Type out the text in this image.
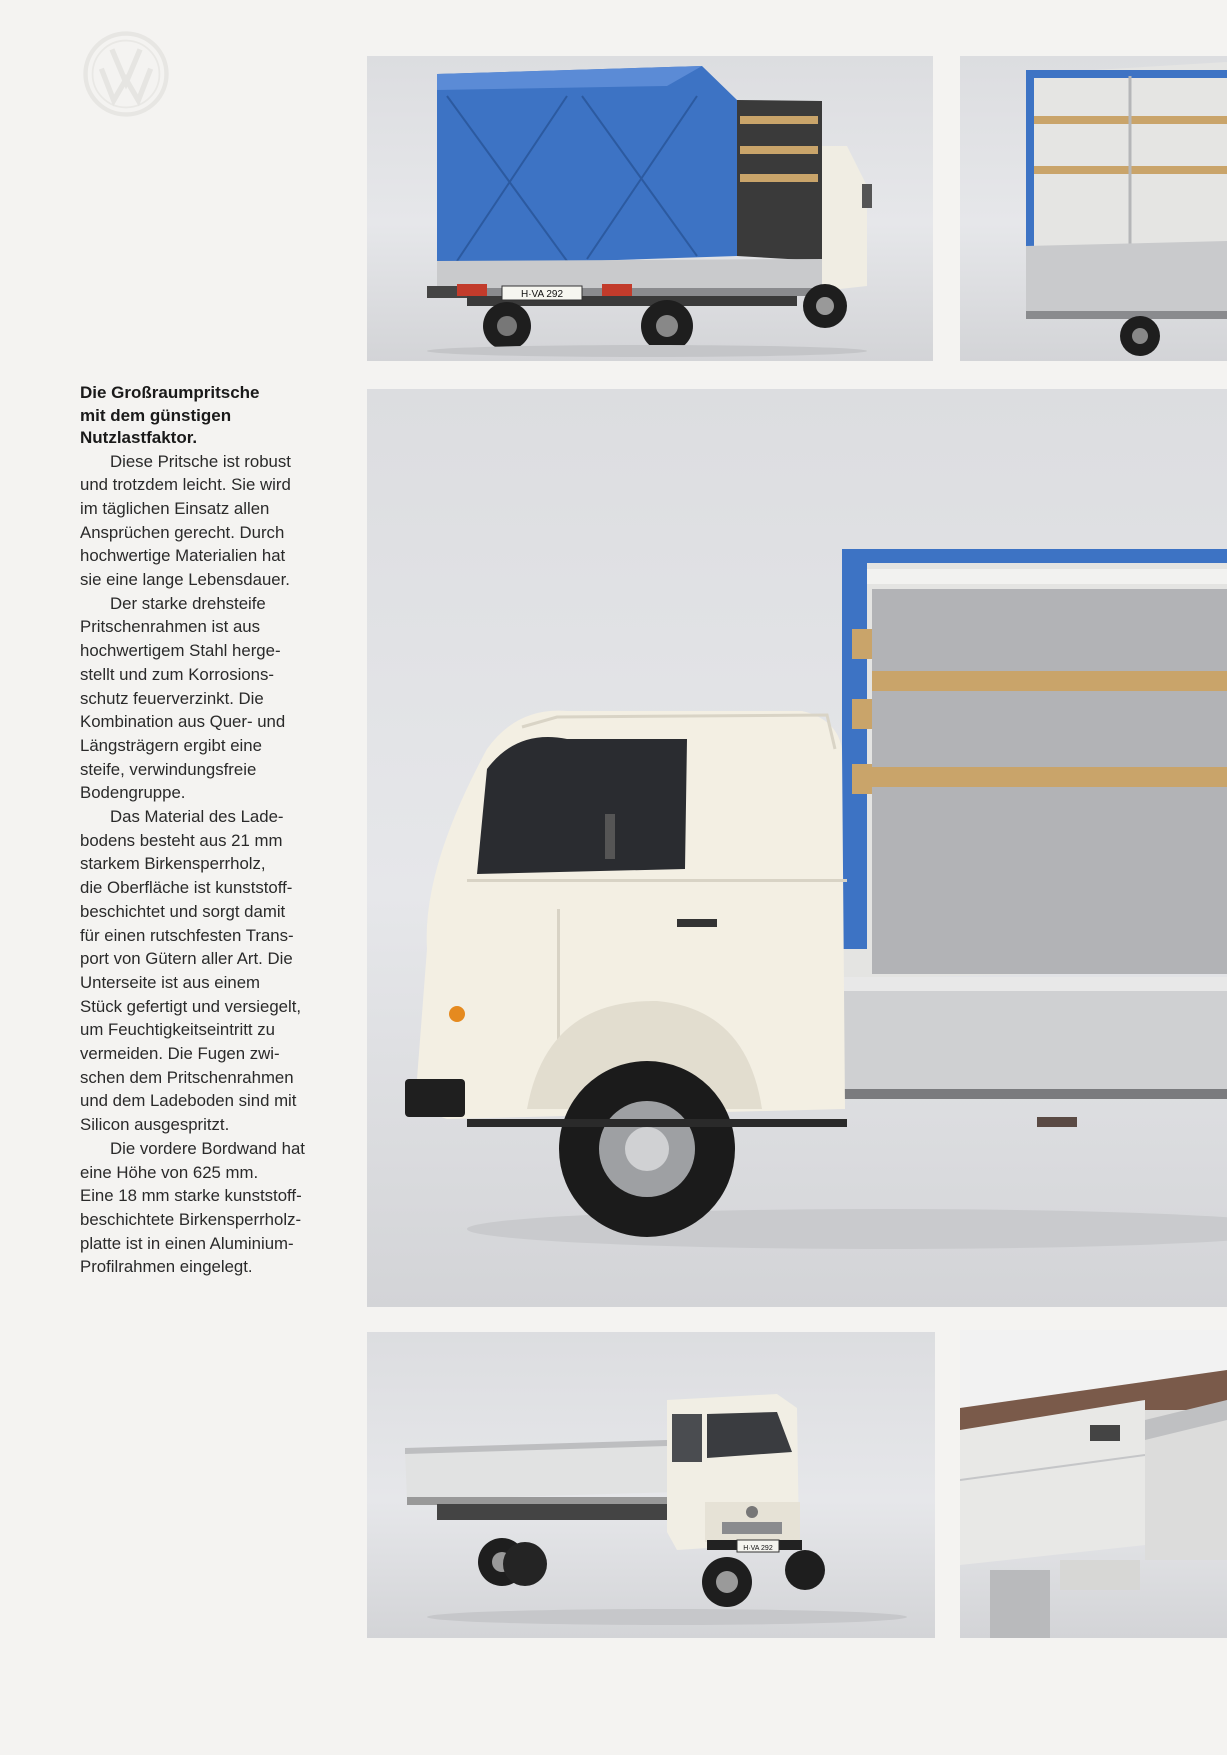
H·VA 292
H·VA 292

Die Großraumpritsche
mit dem günstigen
Nutzlastfaktor.

Diese Pritsche ist robust
und trotzdem leicht. Sie wird
im täglichen Einsatz allen
Ansprüchen gerecht. Durch
hochwertige Materialien hat
sie eine lange Lebensdauer.

Der starke drehsteife
Pritschenrahmen ist aus
hochwertigem Stahl herge-
stellt und zum Korrosions-
schutz feuerverzinkt. Die
Kombination aus Quer- und
Längsträgern ergibt eine
steife, verwindungsfreie
Bodengruppe.

Das Material des Lade-
bodens besteht aus 21 mm
starkem Birkensperrholz,
die Oberfläche ist kunststoff-
beschichtet und sorgt damit
für einen rutschfesten Trans-
port von Gütern aller Art. Die
Unterseite ist aus einem
Stück gefertigt und versiegelt,
um Feuchtigkeitseintritt zu
vermeiden. Die Fugen zwi-
schen dem Pritschenrahmen
und dem Ladeboden sind mit
Silicon ausgespritzt.

Die vordere Bordwand hat
eine Höhe von 625 mm.
Eine 18 mm starke kunststoff-
beschichtete Birkensperrholz-
platte ist in einen Aluminium-
Profilrahmen eingelegt.
